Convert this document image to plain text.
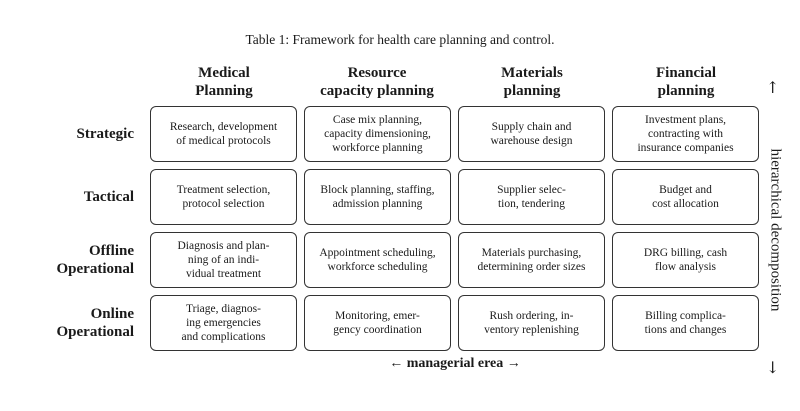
Table 1: Framework for health care planning and control.
Medical
Planning
Resource
capacity planning
Materials
planning
Financial
planning
Strategic
Tactical
Offline
Operational
Online
Operational
Research, development
of medical protocols
Case mix planning,
capacity dimensioning,
workforce planning
Supply chain and
warehouse design
Investment plans,
contracting with
insurance companies
Treatment selection,
protocol selection
Block planning, staffing,
admission planning
Supplier selec-
tion, tendering
Budget and
cost allocation
Diagnosis and plan-
ning of an indi-
vidual treatment
Appointment scheduling,
workforce scheduling
Materials purchasing,
determining order sizes
DRG billing, cash
flow analysis
Triage, diagnos-
ing emergencies
and complications
Monitoring, emer-
gency coordination
Rush ordering, in-
ventory replenishing
Billing complica-
tions and changes
← managerial erea →
↑
hierarchical decomposition
↓
